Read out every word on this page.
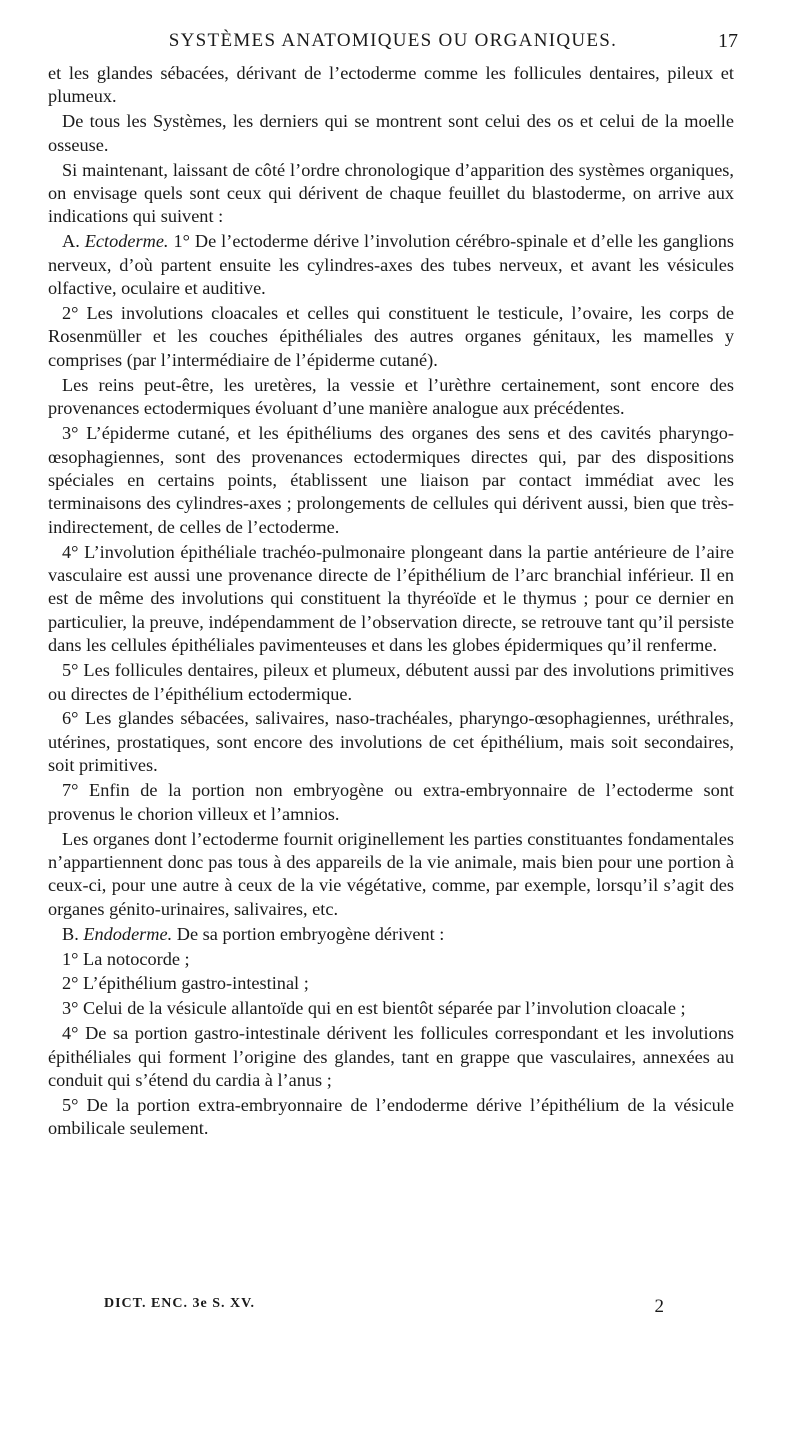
SYSTÈMES ANATOMIQUES OU ORGANIQUES.	17

et les glandes sébacées, dérivant de l’ectoderme comme les follicules dentaires, pileux et plumeux.

De tous les Systèmes, les derniers qui se montrent sont celui des os et celui de la moelle osseuse.

Si maintenant, laissant de côté l’ordre chronologique d’apparition des systèmes organiques, on envisage quels sont ceux qui dérivent de chaque feuillet du blastoderme, on arrive aux indications qui suivent :

A. Ectoderme. 1° De l’ectoderme dérive l’involution cérébro-spinale et d’elle les ganglions nerveux, d’où partent ensuite les cylindres-axes des tubes nerveux, et avant les vésicules olfactive, oculaire et auditive.

2° Les involutions cloacales et celles qui constituent le testicule, l’ovaire, les corps de Rosenmüller et les couches épithéliales des autres organes génitaux, les mamelles y comprises (par l’intermédiaire de l’épiderme cutané).

Les reins peut-être, les uretères, la vessie et l’urèthre certainement, sont encore des provenances ectodermiques évoluant d’une manière analogue aux précédentes.

3° L’épiderme cutané, et les épithéliums des organes des sens et des cavités pharyngo-œsophagiennes, sont des provenances ectodermiques directes qui, par des dispositions spéciales en certains points, établissent une liaison par contact immédiat avec les terminaisons des cylindres-axes ; prolongements de cellules qui dérivent aussi, bien que très-indirectement, de celles de l’ectoderme.

4° L’involution épithéliale trachéo-pulmonaire plongeant dans la partie antérieure de l’aire vasculaire est aussi une provenance directe de l’épithélium de l’arc branchial inférieur. Il en est de même des involutions qui constituent la thyréoïde et le thymus ; pour ce dernier en particulier, la preuve, indépendamment de l’observation directe, se retrouve tant qu’il persiste dans les cellules épithéliales pavimenteuses et dans les globes épidermiques qu’il renferme.

5° Les follicules dentaires, pileux et plumeux, débutent aussi par des involutions primitives ou directes de l’épithélium ectodermique.

6° Les glandes sébacées, salivaires, naso-trachéales, pharyngo-œsophagiennes, uréthrales, utérines, prostatiques, sont encore des involutions de cet épithélium, mais soit secondaires, soit primitives.

7° Enfin de la portion non embryogène ou extra-embryonnaire de l’ectoderme sont provenus le chorion villeux et l’amnios.

Les organes dont l’ectoderme fournit originellement les parties constituantes fondamentales n’appartiennent donc pas tous à des appareils de la vie animale, mais bien pour une portion à ceux-ci, pour une autre à ceux de la vie végétative, comme, par exemple, lorsqu’il s’agit des organes génito-urinaires, salivaires, etc.

B. Endoderme. De sa portion embryogène dérivent :

1° La notocorde ;

2° L’épithélium gastro-intestinal ;

3° Celui de la vésicule allantoïde qui en est bientôt séparée par l’involution cloacale ;

4° De sa portion gastro-intestinale dérivent les follicules correspondant et les involutions épithéliales qui forment l’origine des glandes, tant en grappe que vasculaires, annexées au conduit qui s’étend du cardia à l’anus ;

5° De la portion extra-embryonnaire de l’endoderme dérive l’épithélium de la vésicule ombilicale seulement.

DICT. ENC. 3e S. XV.	2
